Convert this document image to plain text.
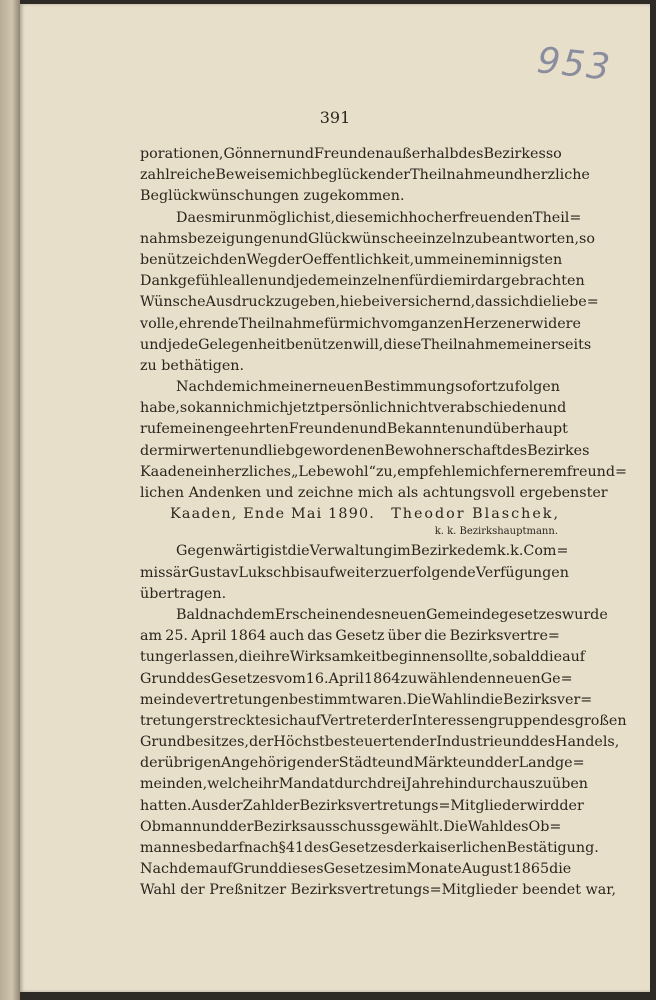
953
391
porationen, Gönnern und Freunden außerhalb des Bezirkes so
zahlreiche Beweise mich beglückender Theilnahme und herzliche
Beglückwünschungen zugekommen.
Da es mir unmöglich ist, diese mich hocherfreuenden Theil=
nahmsbezeigungen und Glückwünsche einzeln zu beantworten, so
benütze ich den Weg der Oeffentlichkeit, um meinem innigsten
Dankgefühle allen und jedem einzelnen für die mir dargebrachten
Wünsche Ausdruck zu geben, hiebei versichernd, dass ich die liebe=
volle, ehrende Theilnahme für mich vom ganzen Herzen erwidere
und jede Gelegenheit benützen will, diese Theilnahme meinerseits
zu bethätigen.
Nachdem ich meiner neuen Bestimmung sofort zu folgen
habe, so kann ich mich jetzt persönlich nicht verabschieden und
rufe meinen geehrten Freunden und Bekannten und überhaupt
der mir werten und liebgewordenen Bewohnerschaft des Bezirkes
Kaaden ein herzliches „Lebewohl“ zu, empfehle mich fernerem freund=
lichen Andenken und zeichne mich als achtungsvoll ergebenster
Kaaden, Ende Mai 1890. Theodor Blaschek,
k. k. Bezirkshauptmann.
Gegenwärtig ist die Verwaltung im Bezirke dem k. k. Com=
missär Gustav Luksch bis auf weiter zu erfolgende Verfügungen
übertragen.
Bald nach dem Erscheinen des neuen Gemeindegesetzes wurde
am 25. April 1864 auch das Gesetz über die Bezirksvertre=
tung erlassen, die ihre Wirksamkeit beginnen sollte, sobald die auf
Grund des Gesetzes vom 16. April 1864 zu wählenden neuen Ge=
meindevertretungen bestimmt waren. Die Wahl in die Bezirksver=
tretung erstreckte sich auf Vertreter der Interessengruppen des großen
Grundbesitzes, der Höchstbesteuerten der Industrie und des Handels,
der übrigen Angehörigen der Städte und Märkte und der Landge=
meinden, welche ihr Mandat durch drei Jahre hindurch auszuüben
hatten. Aus der Zahl der Bezirksvertretungs=Mitglieder wird der
Obmann und der Bezirksausschuss gewählt. Die Wahl des Ob=
mannes bedarf nach § 41 des Gesetzes der kaiserlichen Bestätigung.
Nachdem auf Grund dieses Gesetzes im Monate August 1865 die
Wahl der Preßnitzer Bezirksvertretungs=Mitglieder beendet war,
